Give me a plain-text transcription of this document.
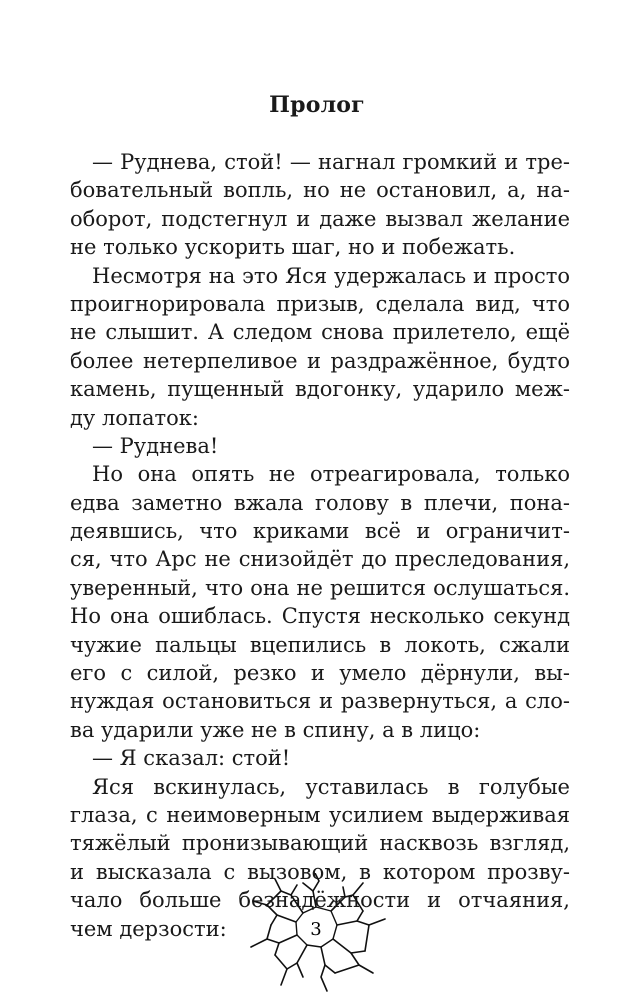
Пролог
— Руднева, стой! — нагнал громкий и тре-
бовательный вопль, но не остановил, а, на-
оборот, подстегнул и даже вызвал желание
не только ускорить шаг, но и побежать.
Несмотря на это Яся удержалась и просто
проигнорировала призыв, сделала вид, что
не слышит. А следом снова прилетело, ещё
более нетерпеливое и раздражённое, будто
камень, пущенный вдогонку, ударило меж-
ду лопаток:
— Руднева!
Но она опять не отреагировала, только
едва заметно вжала голову в плечи, пона-
деявшись, что криками всё и ограничит-
ся, что Арс не снизойдёт до преследования,
уверенный, что она не решится ослушаться.
Но она ошиблась. Спустя несколько секунд
чужие пальцы вцепились в локоть, сжали
его с силой, резко и умело дёрнули, вы-
нуждая остановиться и развернуться, а сло-
ва ударили уже не в спину, а в лицо:
— Я сказал: стой!
Яся вскинулась, уставилась в голубые
глаза, с неимоверным усилием выдерживая
тяжёлый пронизывающий насквозь взгляд,
и высказала с вызовом, в котором прозву-
чало больше безнадёжности и отчаяния,
чем дерзости:	3
